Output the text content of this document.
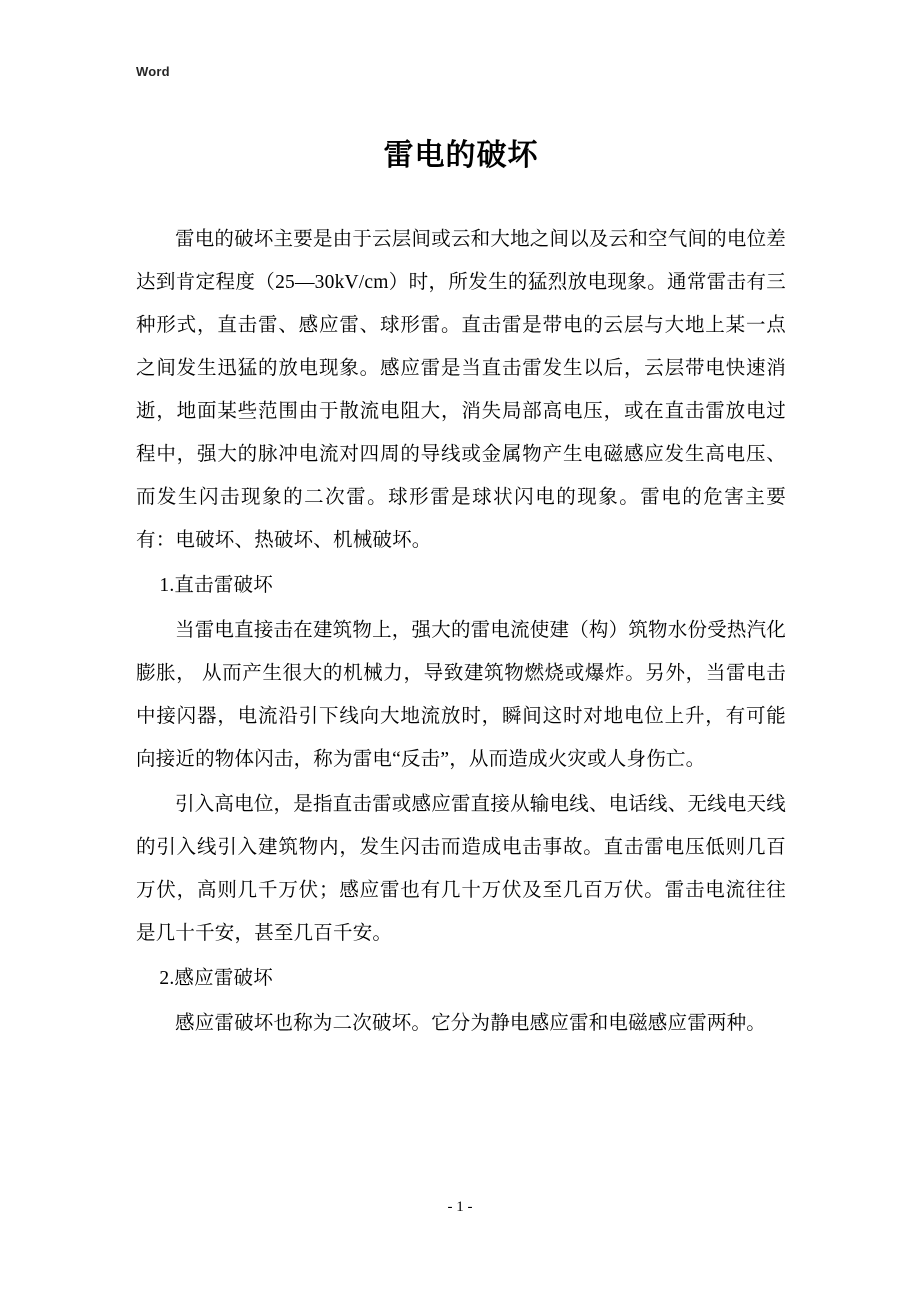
Word
雷电的破坏

雷电的破坏主要是由于云层间或云和大地之间以及云和空气间的电位差达到肯定程度（25—30kV/cm）时，所发生的猛烈放电现象。通常雷击有三种形式，直击雷、感应雷、球形雷。直击雷是带电的云层与大地上某一点之间发生迅猛的放电现象。感应雷是当直击雷发生以后，云层带电快速消逝，地面某些范围由于散流电阻大，消失局部高电压，或在直击雷放电过程中，强大的脉冲电流对四周的导线或金属物产生电磁感应发生高电压、而发生闪击现象的二次雷。球形雷是球状闪电的现象。雷电的危害主要有：电破坏、热破坏、机械破坏。

1.直击雷破坏

当雷电直接击在建筑物上，强大的雷电流使建（构）筑物水份受热汽化膨胀， 从而产生很大的机械力，导致建筑物燃烧或爆炸。另外，当雷电击中接闪器，电流沿引下线向大地流放时，瞬间这时对地电位上升，有可能向接近的物体闪击，称为雷电“反击”，从而造成火灾或人身伤亡。

引入高电位，是指直击雷或感应雷直接从输电线、电话线、无线电天线的引入线引入建筑物内，发生闪击而造成电击事故。直击雷电压低则几百万伏，高则几千万伏；感应雷也有几十万伏及至几百万伏。雷击电流往往是几十千安，甚至几百千安。

2.感应雷破坏

感应雷破坏也称为二次破坏。它分为静电感应雷和电磁感应雷两种。

- 1 -
